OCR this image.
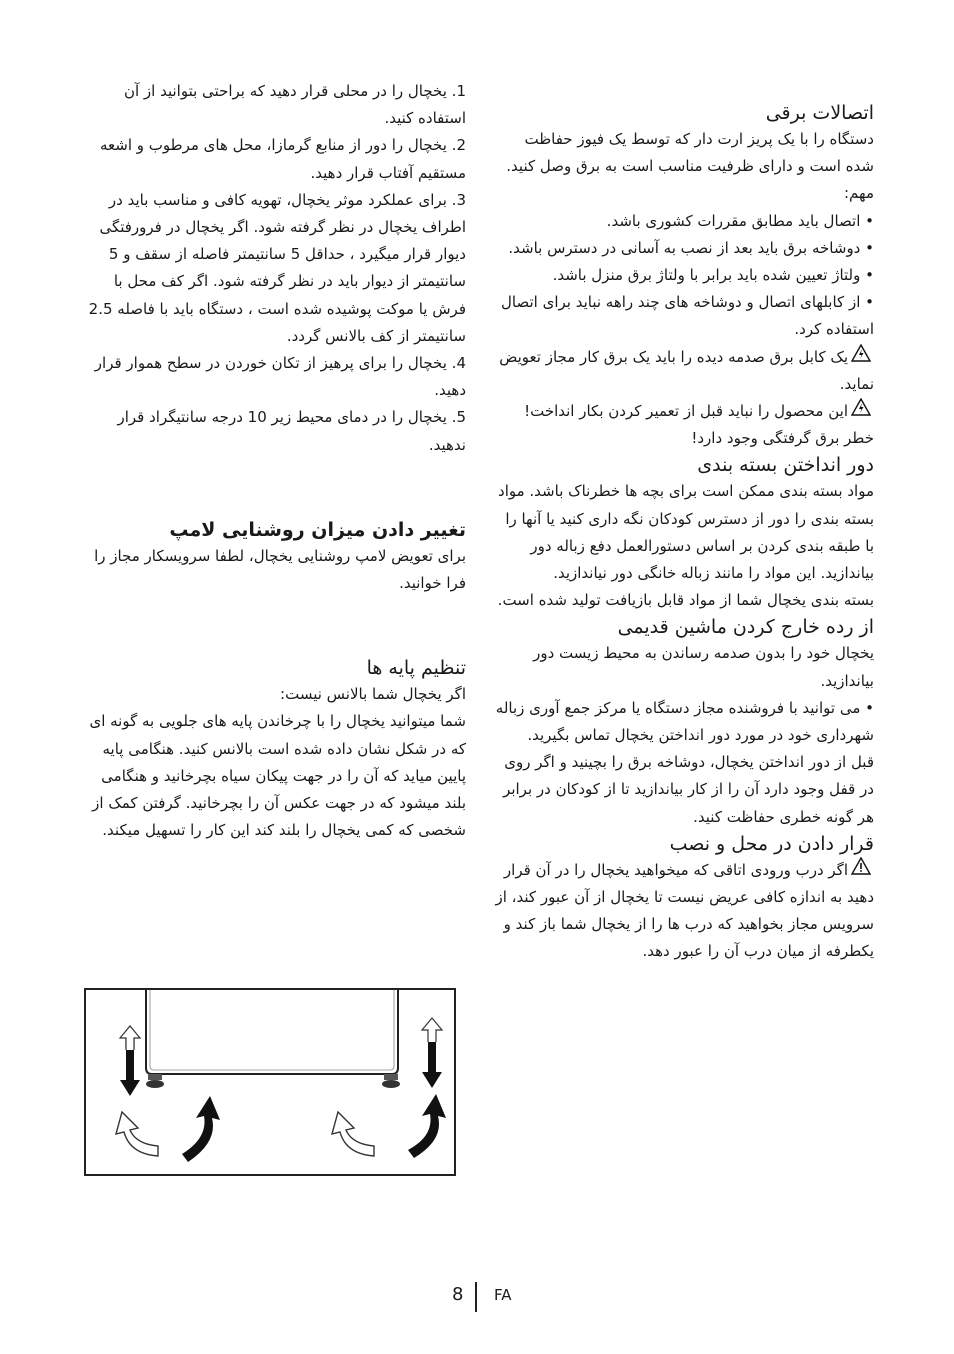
اتصالات برقی

دستگاه را با یک پریز ارت دار که توسط یک فیوز حفاظت شده است و دارای ظرفیت مناسب است به برق وصل کنید.

مهم:

• اتصال باید مطابق مقررات کشوری باشد.
• دوشاخه برق باید بعد از نصب به آسانی در دسترس باشد.
• ولتاژ تعیین شده باید برابر با ولتاژ برق منزل باشد.
• از کابلهای اتصال و دوشاخه های چند راهه نباید برای اتصال استفاده کرد.
یک کابل برق صدمه دیده را باید یک برق کار مجاز تعویض نماید.
این محصول را نباید قبل از تعمیر کردن بکار انداخت! خطر برق گرفتگی وجود دارد!
دور انداختن بسته بندی

مواد بسته بندی ممکن است برای بچه ها خطرناک باشد. مواد بسته بندی را دور از دسترس کودکان نگه داری کنید یا آنها را با طبقه بندی کردن بر اساس دستورالعمل دفع زباله دور بیاندازید. این مواد را مانند زباله خانگی دور نیاندازید.

بسته بندی یخچال شما از مواد قابل بازیافت تولید شده است.

از رده خارج کردن ماشین قدیمی

یخچال خود را بدون صدمه رساندن به محیط زیست دور بیاندازید.

• می توانید با فروشنده مجاز دستگاه یا مرکز جمع آوری زباله شهرداری خود در مورد دور انداختن یخچال تماس بگیرید.

قبل از دور انداختن یخچال، دوشاخه برق را بچینید و اگر روی در قفل وجود دارد آن را از کار بیاندازید تا از کودکان در برابر هر گونه خطری حفاظت کنید.

قرار دادن در محل و نصب
اگر درب ورودی اتاقی که میخواهید یخچال را در آن قرار دهید به اندازه کافی عریض نیست تا یخچال از آن عبور کند، از سرویس مجاز بخواهید که درب ها را از یخچال شما باز کند و یکطرفه از میان درب آن را عبور دهد.

1. یخچال را در محلی قرار دهید که براحتی بتوانید از آن استفاده کنید.

2. یخچال را دور از منابع گرمازا، محل های مرطوب و اشعه مستقیم آفتاب قرار دهید.

3. برای عملکرد موثر یخچال، تهویه کافی و مناسب باید در اطراف یخچال در نظر گرفته شود. اگر یخچال در فرورفتگی دیوار قرار میگیرد ، حداقل 5 سانتیمتر فاصله از سقف و 5 سانتیمتر از دیوار باید در نظر گرفته شود. اگر کف محل با فرش یا موکت پوشیده شده است ، دستگاه باید با فاصله 2.5 سانتیمتر از کف بالانس گردد.

4. یخچال را برای پرهیز از تکان خوردن در سطح هموار قرار دهید.

5. یخچال را در دمای محیط زیر 10 درجه سانتیگراد قرار ندهید.

تغییر دادن میزان روشنایی لامپ

برای تعویض لامپ روشنایی یخچال، لطفا سرویسکار مجاز را فرا خوانید.

تنظیم پایه ها

اگر یخچال شما بالانس نیست:

شما میتوانید یخچال را با چرخاندن پایه های جلویی به گونه ای که در شکل نشان داده شده است بالانس کنید. هنگامی پایه پایین میاید که آن را در جهت پیکان سیاه بچرخانید و هنگامی بلند میشود که در جهت عکس آن را بچرخانید. گرفتن کمک از شخصی که کمی یخچال را بلند کند این کار را تسهیل میکند.

8 FA
